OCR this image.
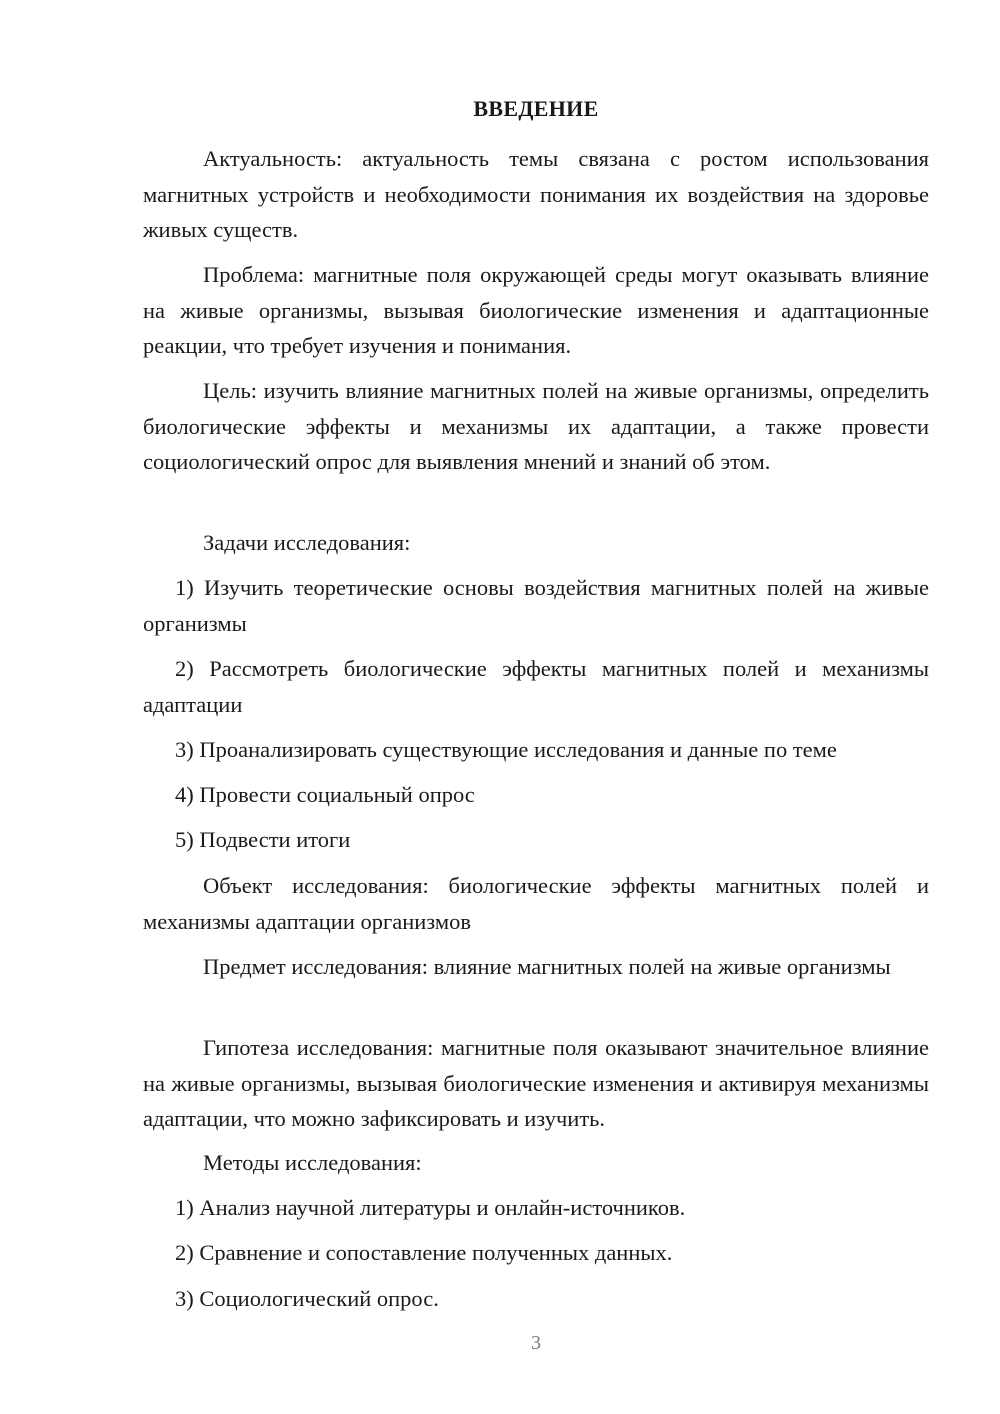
ВВЕДЕНИЕ

Актуальность: актуальность темы связана с ростом использования магнитных устройств и необходимости понимания их воздействия на здоровье живых существ.

Проблема: магнитные поля окружающей среды могут оказывать влияние на живые организмы, вызывая биологические изменения и адаптационные реакции, что требует изучения и понимания.

Цель: изучить влияние магнитных полей на живые организмы, определить биологические эффекты и механизмы их адаптации, а также провести социологический опрос для выявления мнений и знаний об этом.

Задачи исследования:

1) Изучить теоретические основы воздействия магнитных полей на живые организмы

2) Рассмотреть биологические эффекты магнитных полей и механизмы адаптации

3) Проанализировать существующие исследования и данные по теме

4) Провести социальный опрос

5) Подвести итоги

Объект исследования: биологические эффекты магнитных полей и механизмы адаптации организмов

Предмет исследования: влияние магнитных полей на живые организмы

Гипотеза исследования: магнитные поля оказывают значительное влияние на живые организмы, вызывая биологические изменения и активируя механизмы адаптации, что можно зафиксировать и изучить.

Методы исследования:

1) Анализ научной литературы и онлайн-источников.

2) Сравнение и сопоставление полученных данных.

3) Социологический опрос.

3
